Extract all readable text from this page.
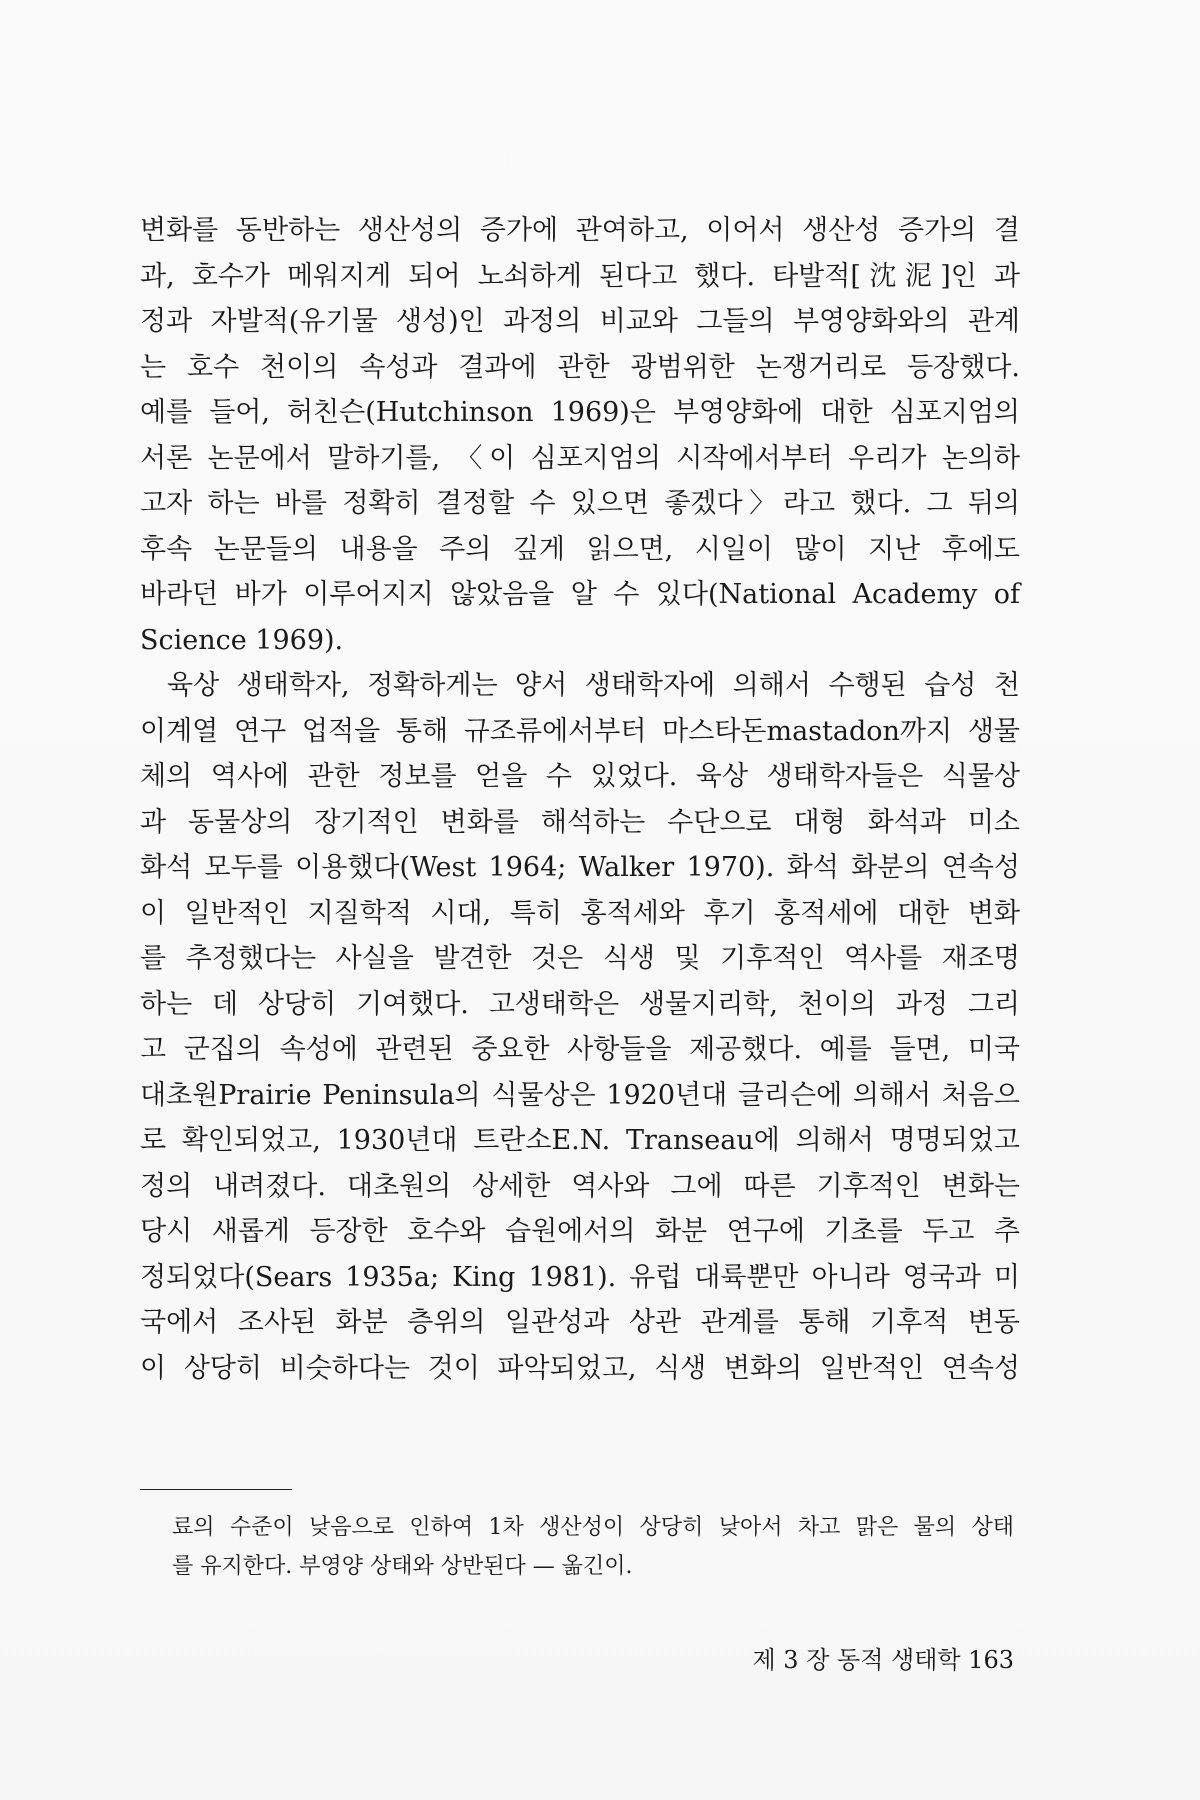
변화를 동반하는 생산성의 증가에 관여하고, 이어서 생산성 증가의 결
과, 호수가 메워지게 되어 노쇠하게 된다고 했다. 타발적[沈泥]인 과
정과 자발적(유기물 생성)인 과정의 비교와 그들의 부영양화와의 관계
는 호수 천이의 속성과 결과에 관한 광범위한 논쟁거리로 등장했다.
예를 들어, 허친슨(Hutchinson 1969)은 부영양화에 대한 심포지엄의
서론 논문에서 말하기를, 〈이 심포지엄의 시작에서부터 우리가 논의하
고자 하는 바를 정확히 결정할 수 있으면 좋겠다〉라고 했다. 그 뒤의
후속 논문들의 내용을 주의 깊게 읽으면, 시일이 많이 지난 후에도
바라던 바가 이루어지지 않았음을 알 수 있다(National Academy of
Science 1969).
육상 생태학자, 정확하게는 양서 생태학자에 의해서 수행된 습성 천
이계열 연구 업적을 통해 규조류에서부터 마스타돈mastadon까지 생물
체의 역사에 관한 정보를 얻을 수 있었다. 육상 생태학자들은 식물상
과 동물상의 장기적인 변화를 해석하는 수단으로 대형 화석과 미소
화석 모두를 이용했다(West 1964; Walker 1970). 화석 화분의 연속성
이 일반적인 지질학적 시대, 특히 홍적세와 후기 홍적세에 대한 변화
를 추정했다는 사실을 발견한 것은 식생 및 기후적인 역사를 재조명
하는 데 상당히 기여했다. 고생태학은 생물지리학, 천이의 과정 그리
고 군집의 속성에 관련된 중요한 사항들을 제공했다. 예를 들면, 미국
대초원Prairie Peninsula의 식물상은 1920년대 글리슨에 의해서 처음으
로 확인되었고, 1930년대 트란소E.N. Transeau에 의해서 명명되었고
정의 내려졌다. 대초원의 상세한 역사와 그에 따른 기후적인 변화는
당시 새롭게 등장한 호수와 습원에서의 화분 연구에 기초를 두고 추
정되었다(Sears 1935a; King 1981). 유럽 대륙뿐만 아니라 영국과 미
국에서 조사된 화분 층위의 일관성과 상관 관계를 통해 기후적 변동
이 상당히 비슷하다는 것이 파악되었고, 식생 변화의 일반적인 연속성
료의 수준이 낮음으로 인하여 1차 생산성이 상당히 낮아서 차고 맑은 물의 상태
를 유지한다. 부영양 상태와 상반된다 — 옮긴이.
제 3 장 동적 생태학 163
